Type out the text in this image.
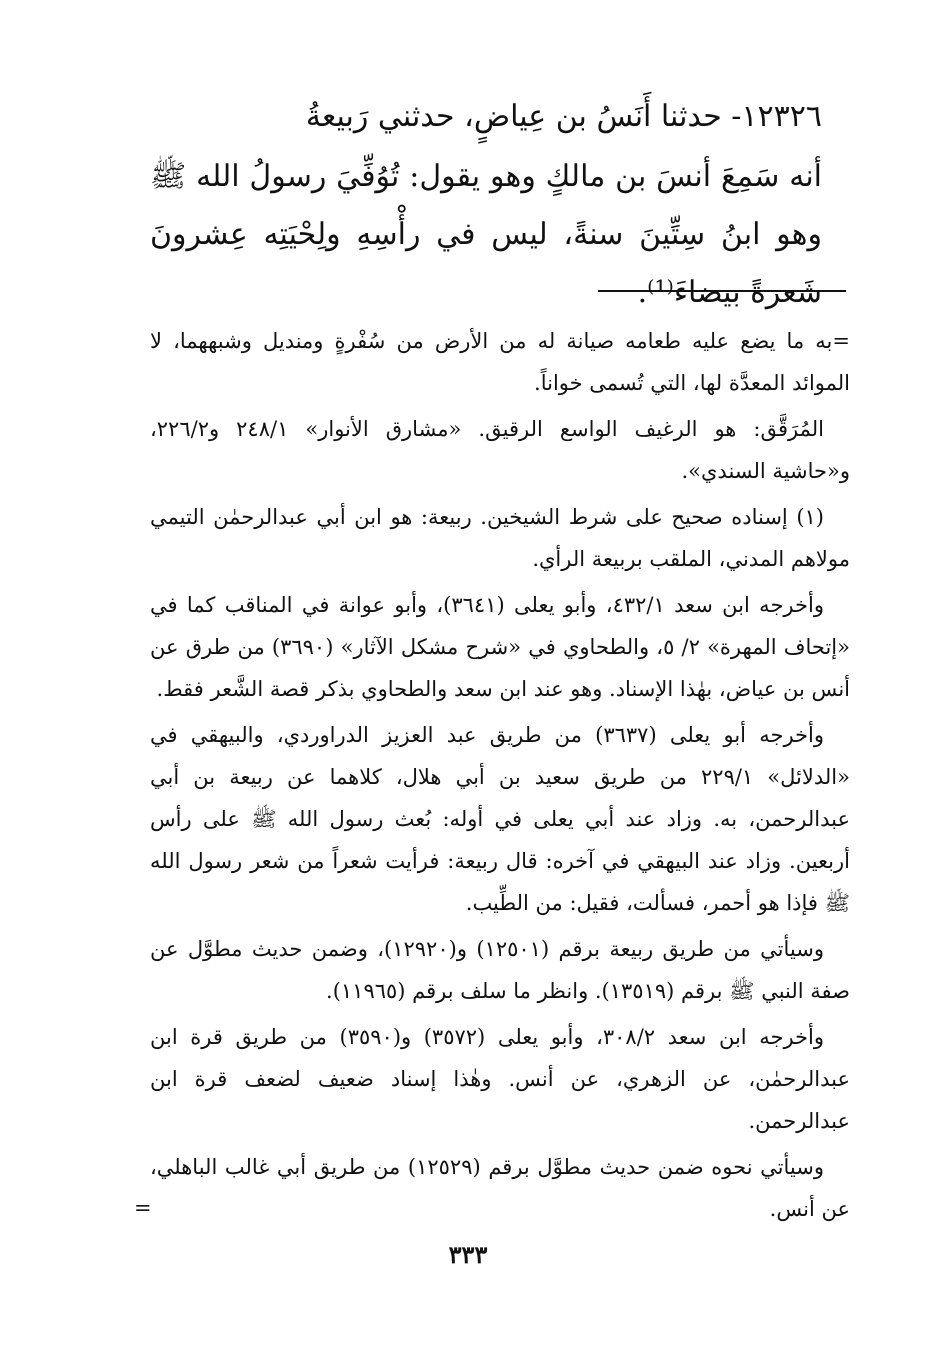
١٢٣٢٦- حدثنا أَنَسُ بن عِياضٍ، حدثني رَبيعةُ
أنه سَمِعَ أنسَ بن مالكٍ وهو يقول: تُوُفِّيَ رسولُ الله ﷺ وهو ابنُ سِتِّينَ سنةً، ليس في رأْسِهِ ولِحْيَتِه عِشرونَ شَعرةً بيضاءَ⁽¹⁾.

=به ما يضع عليه طعامه صيانة له من الأرض من سُفْرةٍ ومنديل وشبههما، لا الموائد المعدَّة لها، التي تُسمى خواناً.

المُرَقَّق: هو الرغيف الواسع الرقيق. «مشارق الأنوار» ٢٤٨/١ و٢٢٦/٢، و«حاشية السندي».

(١) إسناده صحيح على شرط الشيخين. ربيعة: هو ابن أبي عبدالرحمٰن التيمي مولاهم المدني، الملقب بربيعة الرأي.

وأخرجه ابن سعد ٤٣٢/١، وأبو يعلى (٣٦٤١)، وأبو عوانة في المناقب كما في «إتحاف المهرة» ٢/ ٥، والطحاوي في «شرح مشكل الآثار» (٣٦٩٠) من طرق عن أنس بن عياض، بهٰذا الإسناد. وهو عند ابن سعد والطحاوي بذكر قصة الشَّعر فقط.

وأخرجه أبو يعلى (٣٦٣٧) من طريق عبد العزيز الدراوردي، والبيهقي في «الدلائل» ٢٢٩/١ من طريق سعيد بن أبي هلال، كلاهما عن ربيعة بن أبي عبدالرحمن، به. وزاد عند أبي يعلى في أوله: بُعث رسول الله ﷺ على رأس أربعين. وزاد عند البيهقي في آخره: قال ربيعة: فرأيت شعراً من شعر رسول الله ﷺ فإذا هو أحمر، فسألت، فقيل: من الطِّيب.

وسيأتي من طريق ربيعة برقم (١٢٥٠١) و(١٢٩٢٠)، وضمن حديث مطوَّل عن صفة النبي ﷺ برقم (١٣٥١٩). وانظر ما سلف برقم (١١٩٦٥).

وأخرجه ابن سعد ٣٠٨/٢، وأبو يعلى (٣٥٧٢) و(٣٥٩٠) من طريق قرة ابن عبدالرحمٰن، عن الزهري، عن أنس. وهٰذا إسناد ضعيف لضعف قرة ابن عبدالرحمن.

وسيأتي نحوه ضمن حديث مطوَّل برقم (١٢٥٢٩) من طريق أبي غالب الباهلي، عن أنس.

=
٣٣٣
